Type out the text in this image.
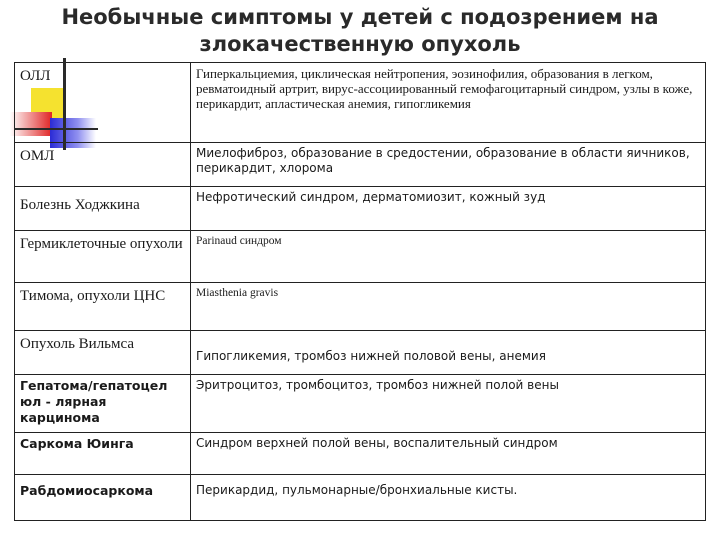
Необычные симптомы у детей с подозрением на
злокачественную опухоль
ОЛЛ	Гиперкальциемия, циклическая нейтропения, эозинофилия, образования в легком, ревматоидный артрит, вирус-ассоциированный гемофагоцитарный синдром, узлы в коже, перикардит, апластическая анемия, гипогликемия
ОМЛ	Миелофиброз, образование в средостении, образование в области яичников, перикардит, хлорома
Болезнь Ходжкина	Нефротический синдром, дерматомиозит, кожный зуд
Гермиклеточные опухоли	Parinaud синдром
Тимома, опухоли ЦНС	Miasthenia gravis
Опухоль Вильмса	Гипогликемия, тромбоз нижней половой вены, анемия
Гепатома/гепатоцел юл - лярная карцинома	Эритроцитоз, тромбоцитоз, тромбоз нижней полой вены
Саркома Юинга	Синдром верхней полой вены, воспалительный синдром
Рабдомиосаркома	Перикардид, пульмонарные/бронхиальные кисты.
